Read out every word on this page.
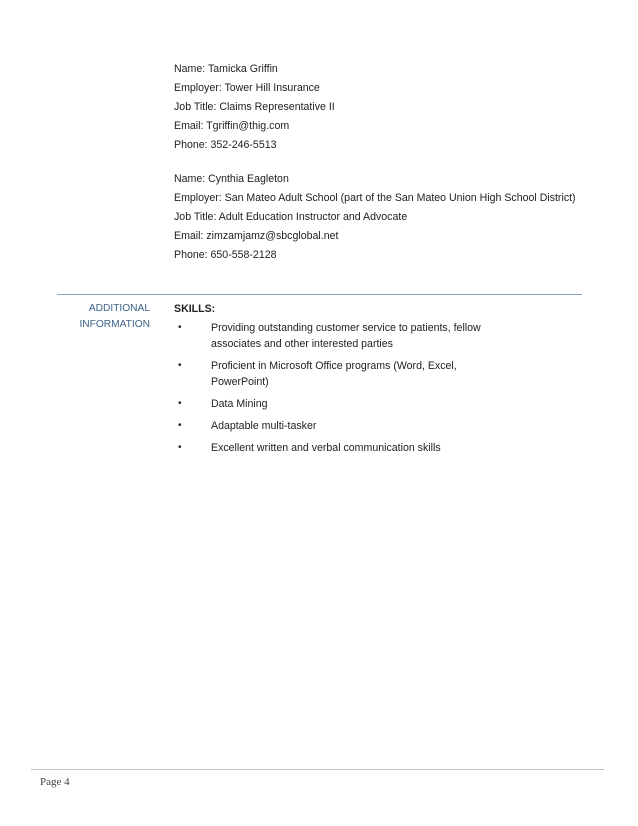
Name: Tamicka Griffin
Employer: Tower Hill Insurance
Job Title: Claims Representative II
Email: Tgriffin@thig.com
Phone: 352-246-5513
Name: Cynthia Eagleton
Employer: San Mateo Adult School (part of the San Mateo Union High School District)
Job Title: Adult Education Instructor and Advocate
Email: zimzamjamz@sbcglobal.net
Phone: 650-558-2128
ADDITIONAL
INFORMATION
SKILLS:
•	Providing outstanding customer service to patients, fellow associates and other interested parties
•	Proficient in Microsoft Office programs (Word, Excel, PowerPoint)
•	Data Mining
•	Adaptable multi-tasker
•	Excellent written and verbal communication skills
Page 4
